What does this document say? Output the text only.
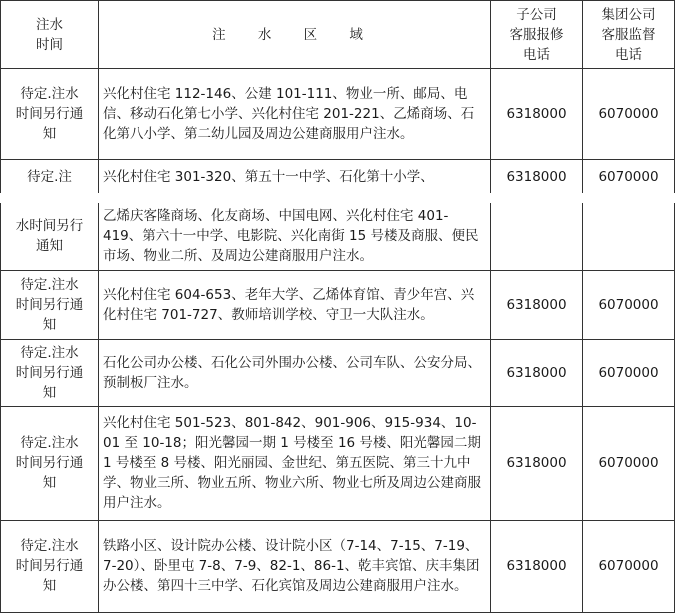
注水
时间	注 水 区 域	子公司
客服报修
电话	集团公司
客服监督
电话
待定.注水
时间另行通
知	兴化村住宅 112-146、公建 101-111、物业一所、邮局、电信、移动石化第七小学、兴化村住宅 201-221、乙烯商场、石化第八小学、第二幼儿园及周边公建商服用户注水。	6318000	6070000
待定.注	兴化村住宅 301-320、第五十一中学、石化第十小学、	6318000	6070000
水时间另行
通知	乙烯庆客隆商场、化友商场、中国电网、兴化村住宅 401-419、第六十一中学、电影院、兴化南街 15 号楼及商服、便民市场、物业二所、及周边公建商服用户注水。		
待定.注水
时间另行通
知	兴化村住宅 604-653、老年大学、乙烯体育馆、青少年宫、兴化村住宅 701-727、教师培训学校、守卫一大队注水。	6318000	6070000
待定.注水
时间另行通
知	石化公司办公楼、石化公司外围办公楼、公司车队、公安分局、预制板厂注水。	6318000	6070000
待定.注水
时间另行通
知	兴化村住宅 501-523、801-842、901-906、915-934、10-01 至 10-18；阳光馨园一期 1 号楼至 16 号楼、阳光馨园二期 1 号楼至 8 号楼、阳光丽园、金世纪、第五医院、第三十九中学、物业三所、物业五所、物业六所、物业七所及周边公建商服用户注水。	6318000	6070000
待定.注水
时间另行通
知	铁路小区、设计院办公楼、设计院小区（7-14、7-15、7-19、7-20）、卧里屯 7-8、7-9、82-1、86-1、乾丰宾馆、庆丰集团办公楼、第四十三中学、石化宾馆及周边公建商服用户注水。	6318000	6070000
